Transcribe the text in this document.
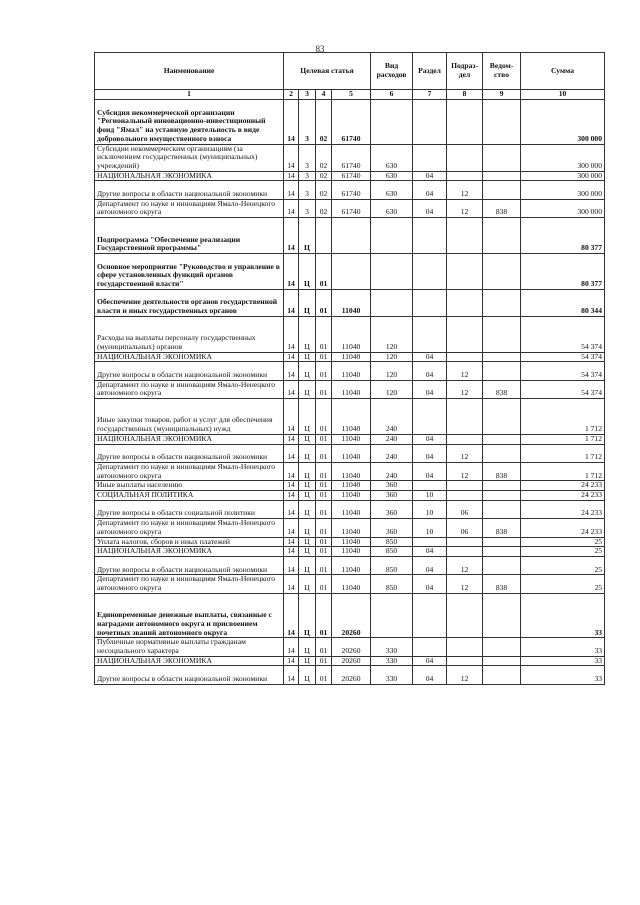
83
Наименование	Целевая статья				Вид расходов	Раздел	Подраз-дел	Ведом-ство	Сумма
1	2	3	4	5	6	7	8	9	10
Субсидия некоммерческой организации "Региональный инновационно-инвестиционный фонд "Ямал" на уставную деятельность в виде добровольного имущественного взноса	14	3	02	61740					300 000
Субсидии некоммерческим организациям (за исключением государственных (муниципальных) учреждений)	14	3	02	61740	630				300 000
НАЦИОНАЛЬНАЯ ЭКОНОМИКА	14	3	02	61740	630	04			300 000
Другие вопросы в области национальной экономики	14	3	02	61740	630	04	12		300 000
Департамент по науке и инновациям Ямало-Ненецкого автономного округа	14	3	02	61740	630	04	12	838	300 000
Подпрограмма "Обеспечение реализации Государственной программы"	14	Ц							80 377
Основное мероприятие "Руководство и управление в сфере установленных функций органов государственной власти"	14	Ц	01						80 377
Обеспечение деятельности органов государственной власти и иных государственных органов	14	Ц	01	11040					80 344
Расходы на выплаты персоналу государственных (муниципальных) органов	14	Ц	01	11040	120				54 374
НАЦИОНАЛЬНАЯ ЭКОНОМИКА	14	Ц	01	11040	120	04			54 374
Другие вопросы в области национальной экономики	14	Ц	01	11040	120	04	12		54 374
Департамент по науке и инновациям Ямало-Ненецкого автономного округа	14	Ц	01	11040	120	04	12	838	54 374
Иные закупки товаров, работ и услуг для обеспечения государственных (муниципальных) нужд	14	Ц	01	11040	240				1 712
НАЦИОНАЛЬНАЯ ЭКОНОМИКА	14	Ц	01	11040	240	04			1 712
Другие вопросы в области национальной экономики	14	Ц	01	11040	240	04	12		1 712
Департамент по науке и инновациям Ямало-Ненецкого автономного округа	14	Ц	01	11040	240	04	12	838	1 712
Иные выплаты населению	14	Ц	01	11040	360				24 233
СОЦИАЛЬНАЯ ПОЛИТИКА	14	Ц	01	11040	360	10			24 233
Другие вопросы в области социальной политики	14	Ц	01	11040	360	10	06		24 233
Департамент по науке и инновациям Ямало-Ненецкого автономного округа	14	Ц	01	11040	360	10	06	838	24 233
Уплата налогов, сборов и иных платежей	14	Ц	01	11040	850				25
НАЦИОНАЛЬНАЯ ЭКОНОМИКА	14	Ц	01	11040	850	04			25
Другие вопросы в области национальной экономики	14	Ц	01	11040	850	04	12		25
Департамент по науке и инновациям Ямало-Ненецкого автономного округа	14	Ц	01	11040	850	04	12	838	25
Единовременные денежные выплаты, связанные с наградами автономного округа и присвоением почетных званий автономного округа	14	Ц	01	20260					33
Публичные нормативные выплаты гражданам несоциального характера	14	Ц	01	20260	330				33
НАЦИОНАЛЬНАЯ ЭКОНОМИКА	14	Ц	01	20260	330	04			33
Другие вопросы в области национальной экономики	14	Ц	01	20260	330	04	12		33
